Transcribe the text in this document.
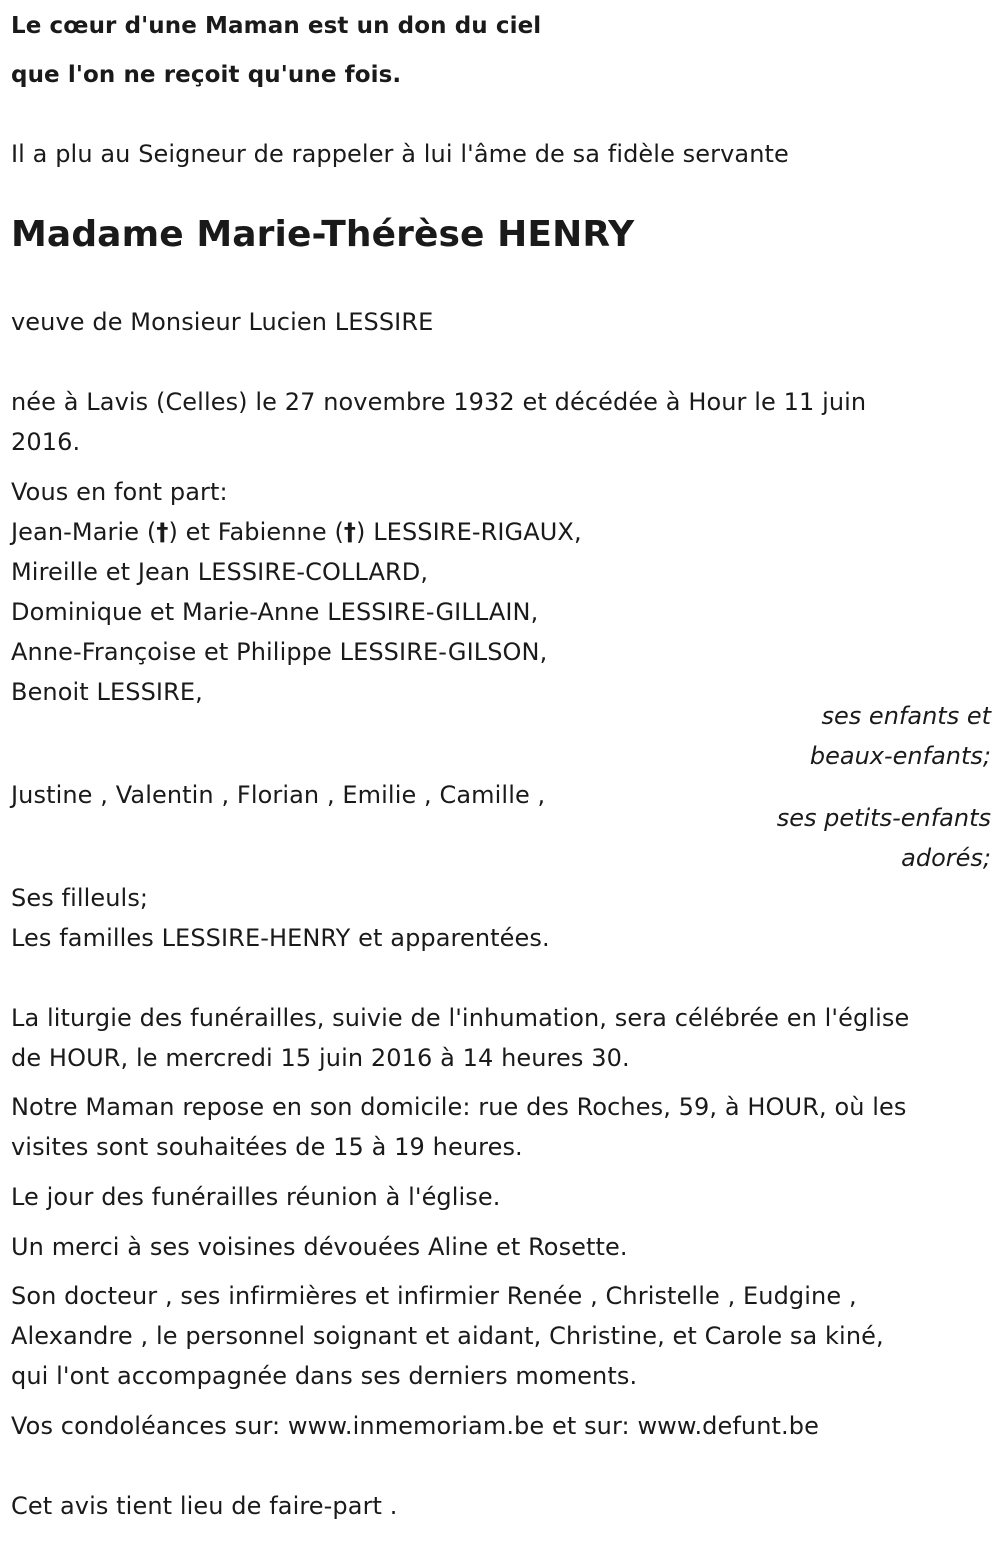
Le cœur d'une Maman est un don du ciel
que l'on ne reçoit qu'une fois.
Il a plu au Seigneur de rappeler à lui l'âme de sa fidèle servante
Madame Marie-Thérèse HENRY
veuve de Monsieur Lucien LESSIRE
née à Lavis (Celles) le 27 novembre 1932 et décédée à Hour le 11 juin
2016.
Vous en font part:
Jean-Marie (†) et Fabienne (†) LESSIRE-RIGAUX,
Mireille et Jean LESSIRE-COLLARD,
Dominique et Marie-Anne LESSIRE-GILLAIN,
Anne-Françoise et Philippe LESSIRE-GILSON,
Benoit LESSIRE,
ses enfants et
beaux-enfants;
Justine , Valentin , Florian , Emilie , Camille ,
ses petits-enfants
adorés;
Ses filleuls;
Les familles LESSIRE-HENRY et apparentées.
La liturgie des funérailles, suivie de l'inhumation, sera célébrée en l'église
de HOUR, le mercredi 15 juin 2016 à 14 heures 30.
Notre Maman repose en son domicile: rue des Roches, 59, à HOUR, où les
visites sont souhaitées de 15 à 19 heures.
Le jour des funérailles réunion à l'église.
Un merci à ses voisines dévouées Aline et Rosette.
Son docteur , ses infirmières et infirmier Renée , Christelle , Eudgine ,
Alexandre , le personnel soignant et aidant, Christine, et Carole sa kiné,
qui l'ont accompagnée dans ses derniers moments.
Vos condoléances sur: www.inmemoriam.be et sur: www.defunt.be
Cet avis tient lieu de faire-part .
